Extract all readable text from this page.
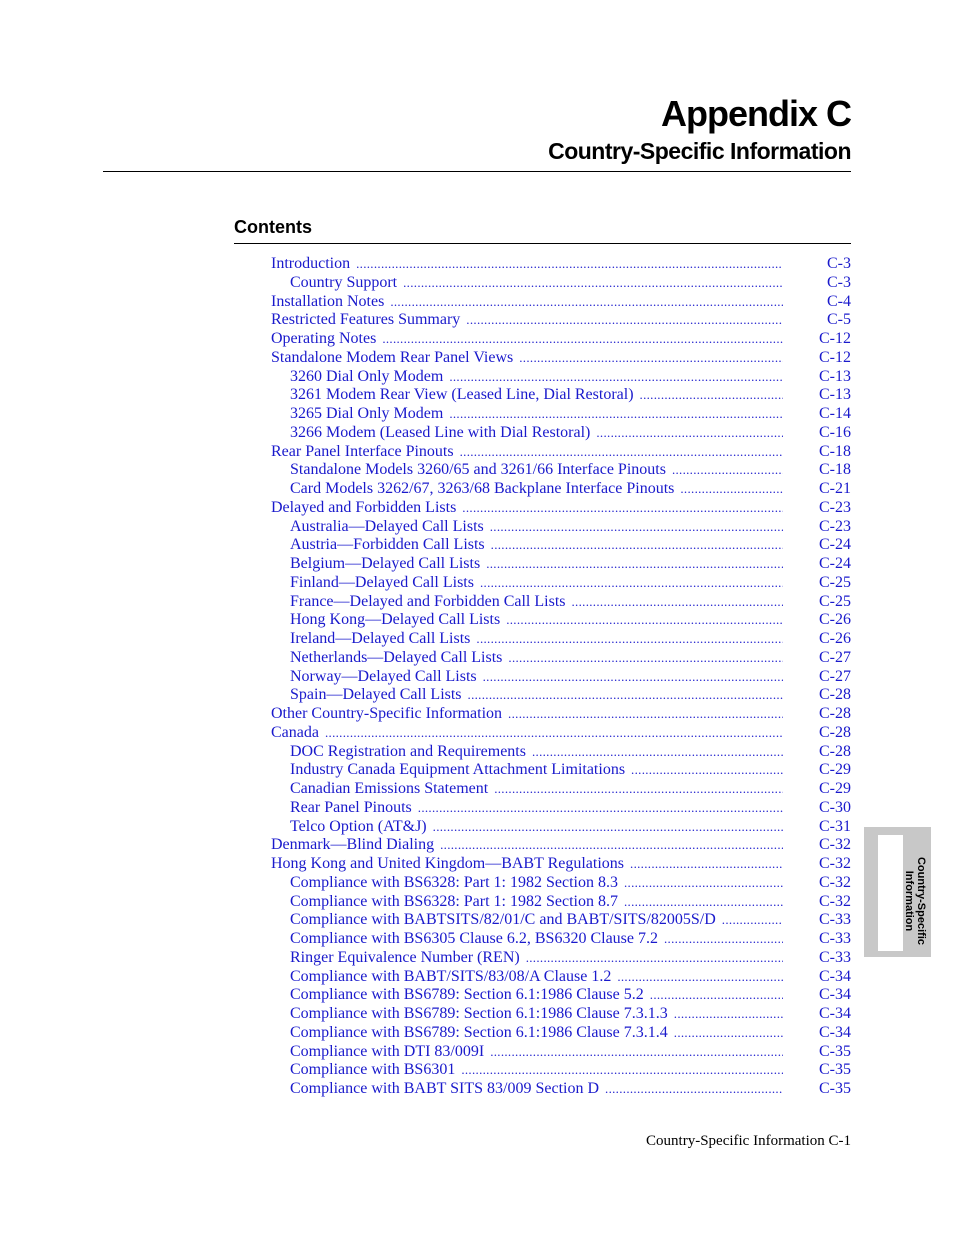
Appendix C
Country-Specific Information
Contents
Introduction .....	C-3
Country Support .....	C-3
Installation Notes .....	C-4
Restricted Features Summary .....	C-5
Operating Notes .....	C-12
Standalone Modem Rear Panel Views .....	C-12
3260 Dial Only Modem .....	C-13
3261 Modem Rear View (Leased Line, Dial Restoral) .....	C-13
3265 Dial Only Modem .....	C-14
3266 Modem (Leased Line with Dial Restoral) .....	C-16
Rear Panel Interface Pinouts .....	C-18
Standalone Models 3260/65 and 3261/66 Interface Pinouts .....	C-18
Card Models 3262/67, 3263/68 Backplane Interface Pinouts .....	C-21
Delayed and Forbidden Lists .....	C-23
Australia—Delayed Call Lists .....	C-23
Austria—Forbidden Call Lists .....	C-24
Belgium—Delayed Call Lists .....	C-24
Finland—Delayed Call Lists .....	C-25
France—Delayed and Forbidden Call Lists .....	C-25
Hong Kong—Delayed Call Lists .....	C-26
Ireland—Delayed Call Lists .....	C-26
Netherlands—Delayed Call Lists .....	C-27
Norway—Delayed Call Lists .....	C-27
Spain—Delayed Call Lists .....	C-28
Other Country-Specific Information .....	C-28
Canada .....	C-28
DOC Registration and Requirements .....	C-28
Industry Canada Equipment Attachment Limitations .....	C-29
Canadian Emissions Statement .....	C-29
Rear Panel Pinouts .....	C-30
Telco Option (AT&J) .....	C-31
Denmark—Blind Dialing .....	C-32
Hong Kong and United Kingdom—BABT Regulations .....	C-32
Compliance with BS6328: Part 1: 1982 Section 8.3 .....	C-32
Compliance with BS6328: Part 1: 1982 Section 8.7 .....	C-32
Compliance with BABTSITS/82/01/C and BABT/SITS/82005S/D .....	C-33
Compliance with BS6305 Clause 6.2, BS6320 Clause 7.2 .....	C-33
Ringer Equivalence Number (REN) .....	C-33
Compliance with BABT/SITS/83/08/A Clause 1.2 .....	C-34
Compliance with BS6789: Section 6.1:1986 Clause 5.2 .....	C-34
Compliance with BS6789: Section 6.1:1986 Clause 7.3.1.3 .....	C-34
Compliance with BS6789: Section 6.1:1986 Clause 7.3.1.4 .....	C-34
Compliance with DTI 83/009I .....	C-35
Compliance with BS6301 .....	C-35
Compliance with BABT SITS 83/009 Section D .....	C-35
Country-Specific
Information
Country-Specific Information C-1
